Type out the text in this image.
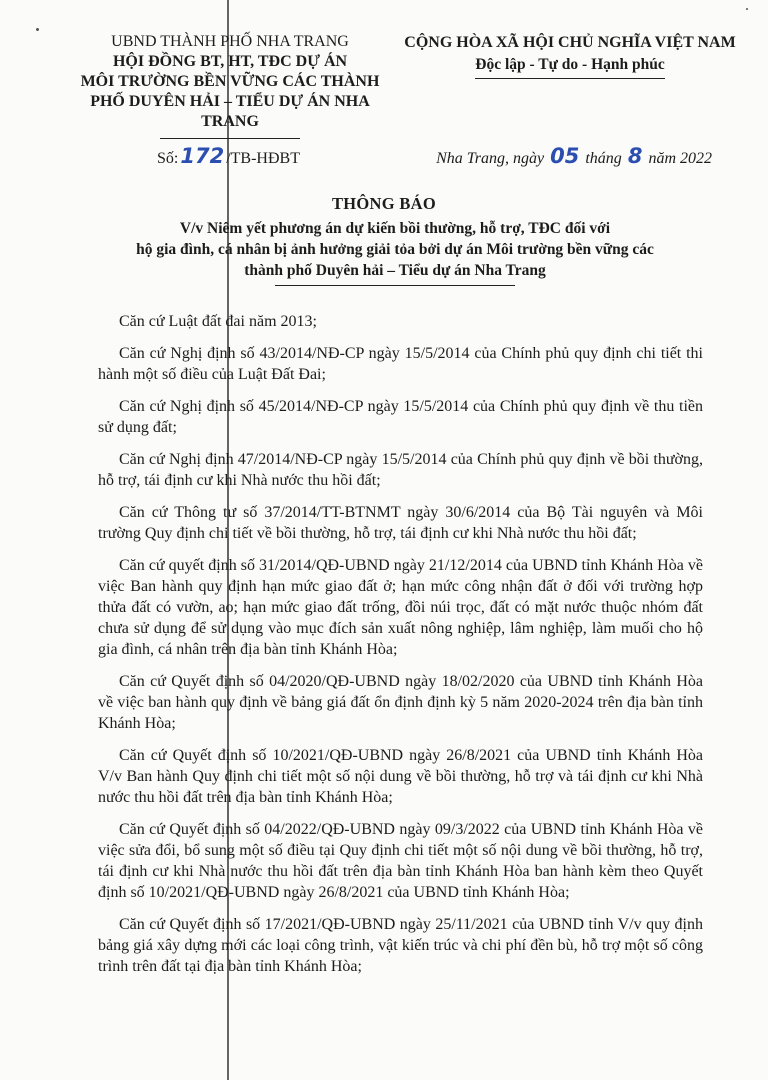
UBND THÀNH PHỐ NHA TRANG
HỘI ĐỒNG BT, HT, TĐC DỰ ÁN
MÔI TRƯỜNG BỀN VỮNG CÁC THÀNH
PHỐ DUYÊN HẢI – TIỂU DỰ ÁN NHA TRANG
CỘNG HÒA XÃ HỘI CHỦ NGHĨA VIỆT NAM
Độc lập - Tự do - Hạnh phúc
Số: 172 /TB-HĐBT	Nha Trang, ngày 05 tháng 8 năm 2022
THÔNG BÁO
V/v Niêm yết phương án dự kiến bồi thường, hỗ trợ, TĐC đối với
hộ gia đình, cá nhân bị ảnh hưởng giải tỏa bởi dự án Môi trường bền vững các
thành phố Duyên hải – Tiểu dự án Nha Trang

Căn cứ Luật đất đai năm 2013;

Căn cứ Nghị định số 43/2014/NĐ-CP ngày 15/5/2014 của Chính phủ quy định chi tiết thi hành một số điều của Luật Đất Đai;

Căn cứ Nghị định số 45/2014/NĐ-CP ngày 15/5/2014 của Chính phủ quy định về thu tiền sử dụng đất;

Căn cứ Nghị định 47/2014/NĐ-CP ngày 15/5/2014 của Chính phủ quy định về bồi thường, hỗ trợ, tái định cư khi Nhà nước thu hồi đất;

Căn cứ Thông tư số 37/2014/TT-BTNMT ngày 30/6/2014 của Bộ Tài nguyên và Môi trường Quy định chi tiết về bồi thường, hỗ trợ, tái định cư khi Nhà nước thu hồi đất;

Căn cứ quyết định số 31/2014/QĐ-UBND ngày 21/12/2014 của UBND tỉnh Khánh Hòa về việc Ban hành quy định hạn mức giao đất ở; hạn mức công nhận đất ở đối với trường hợp thửa đất có vườn, ao; hạn mức giao đất trống, đồi núi trọc, đất có mặt nước thuộc nhóm đất chưa sử dụng để sử dụng vào mục đích sản xuất nông nghiệp, lâm nghiệp, làm muối cho hộ gia đình, cá nhân trên địa bàn tỉnh Khánh Hòa;

Căn cứ Quyết định số 04/2020/QĐ-UBND ngày 18/02/2020 của UBND tỉnh Khánh Hòa về việc ban hành quy định về bảng giá đất ổn định định kỳ 5 năm 2020-2024 trên địa bàn tỉnh Khánh Hòa;

Căn cứ Quyết định số 10/2021/QĐ-UBND ngày 26/8/2021 của UBND tỉnh Khánh Hòa V/v Ban hành Quy định chi tiết một số nội dung về bồi thường, hỗ trợ và tái định cư khi Nhà nước thu hồi đất trên địa bàn tỉnh Khánh Hòa;

Căn cứ Quyết định số 04/2022/QĐ-UBND ngày 09/3/2022 của UBND tỉnh Khánh Hòa về việc sửa đổi, bổ sung một số điều tại Quy định chi tiết một số nội dung về bồi thường, hỗ trợ, tái định cư khi Nhà nước thu hồi đất trên địa bàn tỉnh Khánh Hòa ban hành kèm theo Quyết định số 10/2021/QĐ-UBND ngày 26/8/2021 của UBND tỉnh Khánh Hòa;

Căn cứ Quyết định số 17/2021/QĐ-UBND ngày 25/11/2021 của UBND tỉnh V/v quy định bảng giá xây dựng mới các loại công trình, vật kiến trúc và chi phí đền bù, hỗ trợ một số công trình trên đất tại địa bàn tỉnh Khánh Hòa;
